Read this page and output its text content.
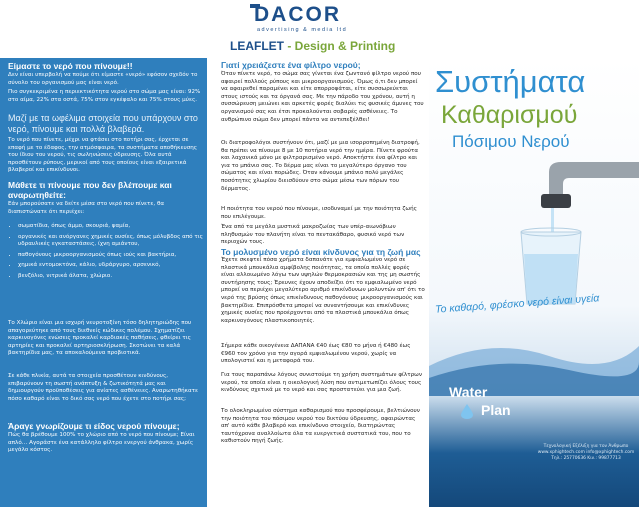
DACOR
advertising & media ltd
LEAFLET - Design & Printing
Είμαστε το νερό που πίνουμε!!
Δεν είναι υπερβολή να πούμε ότι είμαστε «νερό» εφόσον σχεδόν το σύνολο του οργανισμού μας είναι νερό.
Πιο συγκεκριμένα η περιεκτικότητα νερού στο σώμα μας είναι: 92% στο αίμα, 22% στα οστά, 75% στον εγκέφαλο και 75% στους μύες.
Μαζί με τα ωφέλιμα στοιχεία που υπάρχουν στο νερό, πίνουμε και πολλά βλαβερά.
Το νερό που πίνετε, μέχρι να φτάσει στο ποτήρι σας, έρχεται σε επαφή με το έδαφος, την ατμόσφαιρα, τα συστήματα αποθήκευσης του ίδιου του νερού, τις σωληνώσεις ύδρευσης. Όλα αυτά προσθέτουν ρύπους, μερικοί από τους οποίους είναι εξαιρετικά βλαβεροί και επικίνδυνοι.
Μάθετε τι πίνουμε που δεν βλέπουμε και αναρωτηθείτε:
Εάν μπορούσατε να δείτε μέσα στο νερό που πίνετε, θα διαπιστώνατε ότι περιέχει:
• σωματίδια, όπως άμμο, σκουριά, ψαμία,
• οργανικές και ανόργανες χημικές ουσίες, όπως μόλυβδος από τις υδραυλικές εγκαταστάσεις, ίχνη αμιάντου,
• παθογόνους μικροοργανισμούς όπως ιούς και βακτήρια,
• χημικά εντομοκτόνα, κάλιο, υδράργυρο, αρσενικό,
• βενζόλιο, νιτρικά άλατα, χλώριο.
Το Χλώριο είναι μια ισχυρή νευροτοξίνη τόσο δηλητηριώδης που απαγορεύτηκε από τους διεθνείς κώδικες πολέμου. Σχηματίζει καρκινογόνες ενώσεις προκαλεί καρδιακές παθήσεις, φθείρει τις αρτηρίες και προκαλεί αρτηριοσκλήρωση. Σκοτώνει τα καλά βακτηρίδια μας, τα αποκαλούμενα προβιοτικά.
Σε κάθε πλικία, αυτά τα στοιχεία προσθέτουν κινδύνους, επιβαρύνουν τη σωστή ανάπτυξη & ζωτικότητά μας και δημιουργούν προϋποθέσεις για ανίατες ασθένειες. Αναρωτηθήκατε πόσο καθαρό είναι το δικό σας νερό που έχετε στο ποτήρι σας;
Άραγε γνωρίζουμε τι είδος νερού πίνουμε;
Πώς θα βρέθουμε 100% το χλώριο από το νερό που πίνουμε; Είναι απλό… Αγοράστε ένα κατάλληλο φίλτρο ενεργού άνθρακα, χωρίς μεγάλο κόστος.
Γιατί χρειάζεστε ένα φίλτρο νερού;
Όταν πίνετε νερό, το σώμα σας γίνεται ένα ζωντανό φίλτρο νερού που αφαιρεί πολλούς ρύπους και μικροοργανισμούς. Όμως ό,τι δεν μπορεί να αφαιρεθεί παραμένει και είτε απορροφάται, είτε συσσωρεύεται στους ιστούς και τα όργανά σας. Με την πάροδο του χρόνου, αυτή η συσσώρευση μειώνει και αρκετές φορές διαλύει τις φυσικές άμυνες του οργανισμού σας και έτσι προκαλούνται σοβαρές ασθένειες. Το ανθρώπινο σώμα δεν μπορεί πάντα να αντεπεξέλθει!
Οι διατροφολόγοι συστήνουν ότι, μαζί με μια ισορροπημένη διατροφή, θα πρέπει να πίνουμε 8 με 10 ποτήρια νερό την ημέρα. Πίνετε φρούτα και λαχανικά μόνο με φιλτραρισμένο νερό. Αποκτήστε ένα φίλτρο και για το μπάνιο σας. Το δέρμα μας είναι το μεγαλύτερο όργανο του σώματος και είναι πορώδες. Όταν κάνουμε μπάνιο πολύ μεγάλες ποσότητες χλωρίου διεισδύουν στο σώμα μέσω των πόρων του δέρματος.
Η ποιότητα του νερού που πίνουμε, ισοδυναμεί με την ποιότητα ζωής που επιλέγουμε.
Ένα από τα μεγάλα μυστικά μακροζωίας των υπέρ-αιωνόβιων πληθυσμών του πλανήτη είναι το πεντακάθαρο, φυσικό νερό των περιοχών τους.
Το μολυσμένο νερό είναι κίνδυνος για τη ζωή μας
Έχετε σκεφτεί πόσα χρήματα δαπανάτε για εμφιαλωμένο νερό σε πλαστικά μπουκάλια αμφίβολης ποιότητας, τα οποία πολλές φορές είναι αλλοιωμένο λόγω των υψηλών θερμοκρασιών και της μη σωστής συντήρησης τους; Έρευνες έχουν αποδείξει ότι το εμφιαλωμένο νερό μπορεί να περιέχει μεγαλύτερο αριθμό επικίνδυνων μολυντών απ' ότι το νερό της βρύσης όπως επικίνδυνους παθογόνους μικροοργανισμούς και βακτηρίδια. Επιπρόσθετα μπορεί να συναντήσουμε και επικίνδυνες χημικές ουσίες που προέρχονται από τα πλαστικά μπουκάλια όπως καρκινογόνους πλαστικοποιητές.
Σήμερα κάθε οικογένεια ΔΑΠΑΝΑ €40 έως €80 το μήνα ή €480 έως €960 τον χρόνο για την αγορά εμφιαλωμένου νερού, χωρίς να υπολογιστεί και η μεταφορά του.
Για τους παραπάνω λόγους συνιστούμε τη χρήση συστημάτων φίλτρων νερού, τα οποία είναι η οικολογική λύση που αντιμετωπίζει όλους τους κινδύνους σχετικά με το νερό και σας προστατεύει για μια ζωή.
Το ολοκληρωμένο σύστημα καθαρισμού που προσφέρουμε, βελτιώνουν την ποιότητα του πόσιμου νερού του δικτύου ύδρευσης, αφαιρώντας απ' αυτό κάθε βλαβερό και επικίνδυνο στοιχείο, διατηρώντας ταυτόχρονα αναλλοίωτα όλα τα ευεργετικά συστατικά του, που το καθιστούν πηγή ζωής.
Συστήματα
Καθαρισμού
Πόσιμου Νερού
Το καθαρό, φρέσκο νερό είναι υγεία
Water
Plan
Τεχνολογική Εξέλιξη για τον Άνθρωπο
www.xphightech.com info@xphightech.com
Τηλ.: 25770636 Κιν.: 99877713
